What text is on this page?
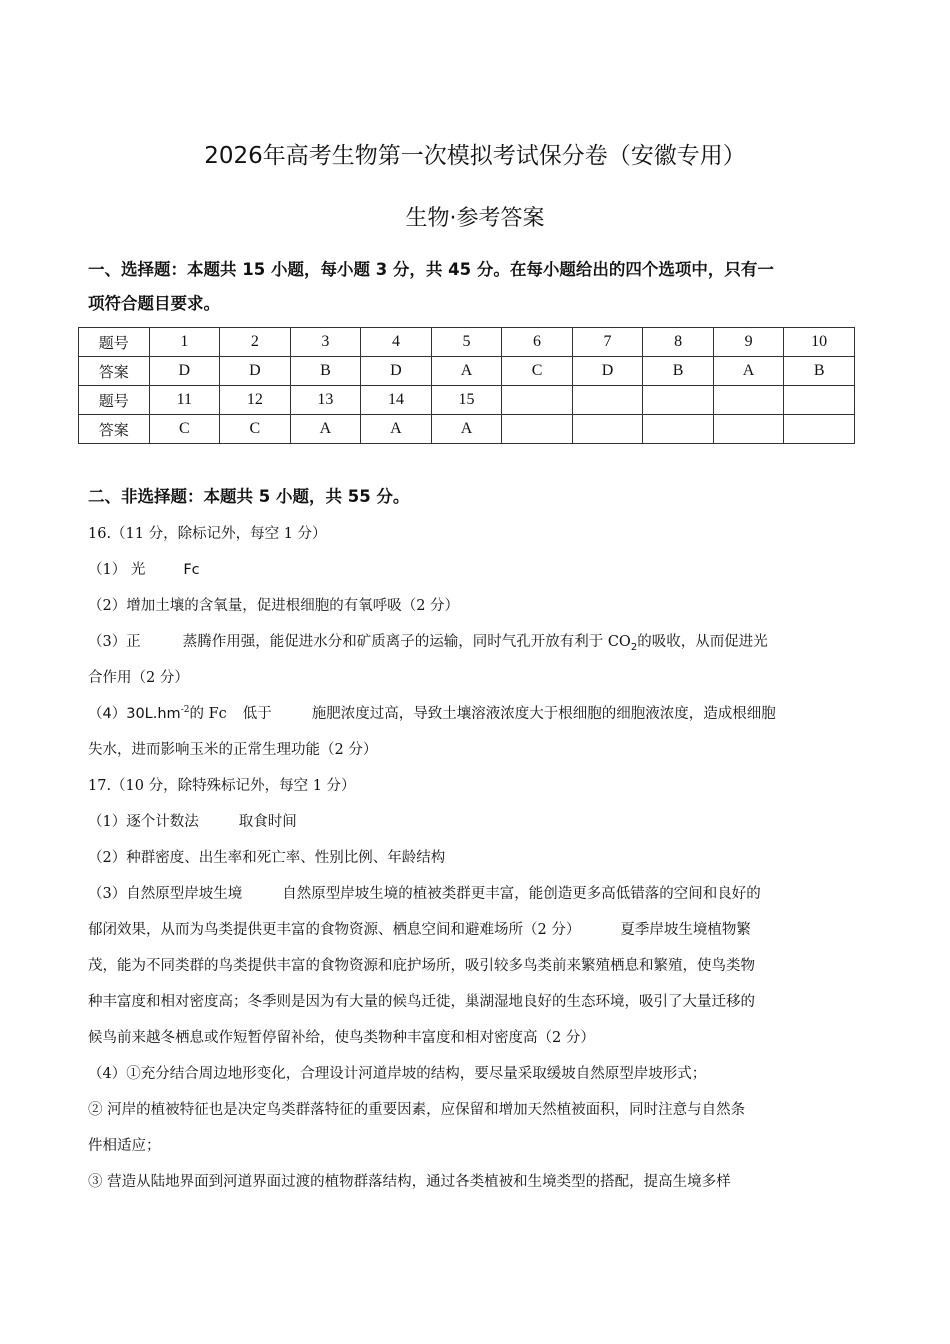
2026年高考生物第一次模拟考试保分卷（安徽专用）
生物·参考答案
一、选择题：本题共 15 小题，每小题 3 分，共 45 分。在每小题给出的四个选项中，只有一
项符合题目要求。
题号	1	2	3	4	5	6	7	8	9	10
答案	D	D	B	D	A	C	D	B	A	B
题号	11	12	13	14	15					
答案	C	C	A	A	A					
二、非选择题：本题共 5 小题，共 55 分。
16.（11 分，除标记外，每空 1 分）
（1） 光	Fc
（2）增加土壤的含氧量，促进根细胞的有氧呼吸（2 分）
（3）正	蒸腾作用强，能促进水分和矿质离子的运输，同时气孔开放有利于 $CO_2$的吸收，从而促进光
合作用（2 分）
$(4)30L.hm^{-2}$的 Fc 低于	施肥浓度过高，导致土壤溶液浓度大于根细胞的细胞液浓度，造成根细胞
失水，进而影响玉米的正常生理功能（2 分）
17.（10 分，除特殊标记外，每空 1 分）
（1）逐个计数法	取食时间
（2）种群密度、出生率和死亡率、性别比例、年龄结构
（3）自然原型岸坡生境	自然原型岸坡生境的植被类群更丰富，能创造更多高低错落的空间和良好的
郁闭效果，从而为鸟类提供更丰富的食物资源、栖息空间和避难场所（2 分）	夏季岸坡生境植物繁
茂，能为不同类群的鸟类提供丰富的食物资源和庇护场所，吸引较多鸟类前来繁殖栖息和繁殖，使鸟类物
种丰富度和相对密度高；冬季则是因为有大量的候鸟迁徙，巢湖湿地良好的生态环境，吸引了大量迁移的
候鸟前来越冬栖息或作短暂停留补给，使鸟类物种丰富度和相对密度高（2 分）
（4）①充分结合周边地形变化，合理设计河道岸坡的结构，要尽量采取缓坡自然原型岸坡形式；
② 河岸的植被特征也是决定鸟类群落特征的重要因素，应保留和增加天然植被面积，同时注意与自然条
件相适应；
③ 营造从陆地界面到河道界面过渡的植物群落结构，通过各类植被和生境类型的搭配，提高生境多样
